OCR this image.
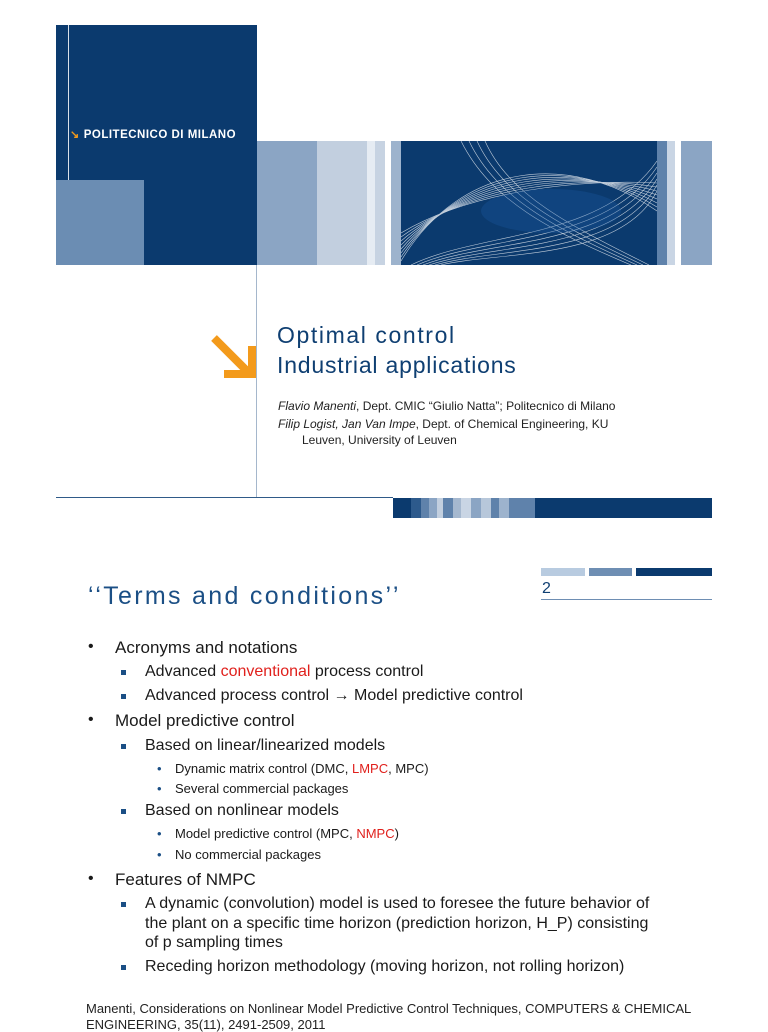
↘ POLITECNICO DI MILANO
Optimal control
Industrial applications
Flavio Manenti, Dept. CMIC “Giulio Natta”; Politecnico di Milano
Filip Logist, Jan Van Impe, Dept. of Chemical Engineering, KU
Leuven, University of Leuven
2
‘‘Terms and conditions’’
• Acronyms and notations
Advanced conventional process control
Advanced process control → Model predictive control
• Model predictive control
Based on linear/linearized models
• Dynamic matrix control (DMC, LMPC, MPC)
• Several commercial packages
Based on nonlinear models
• Model predictive control (MPC, NMPC)
• No commercial packages
• Features of NMPC
A dynamic (convolution) model is used to foresee the future behavior of
the plant on a specific time horizon (prediction horizon, H_P) consisting
of p sampling times
Receding horizon methodology (moving horizon, not rolling horizon)
Manenti, Considerations on Nonlinear Model Predictive Control Techniques, COMPUTERS & CHEMICAL
ENGINEERING, 35(11), 2491-2509, 2011
